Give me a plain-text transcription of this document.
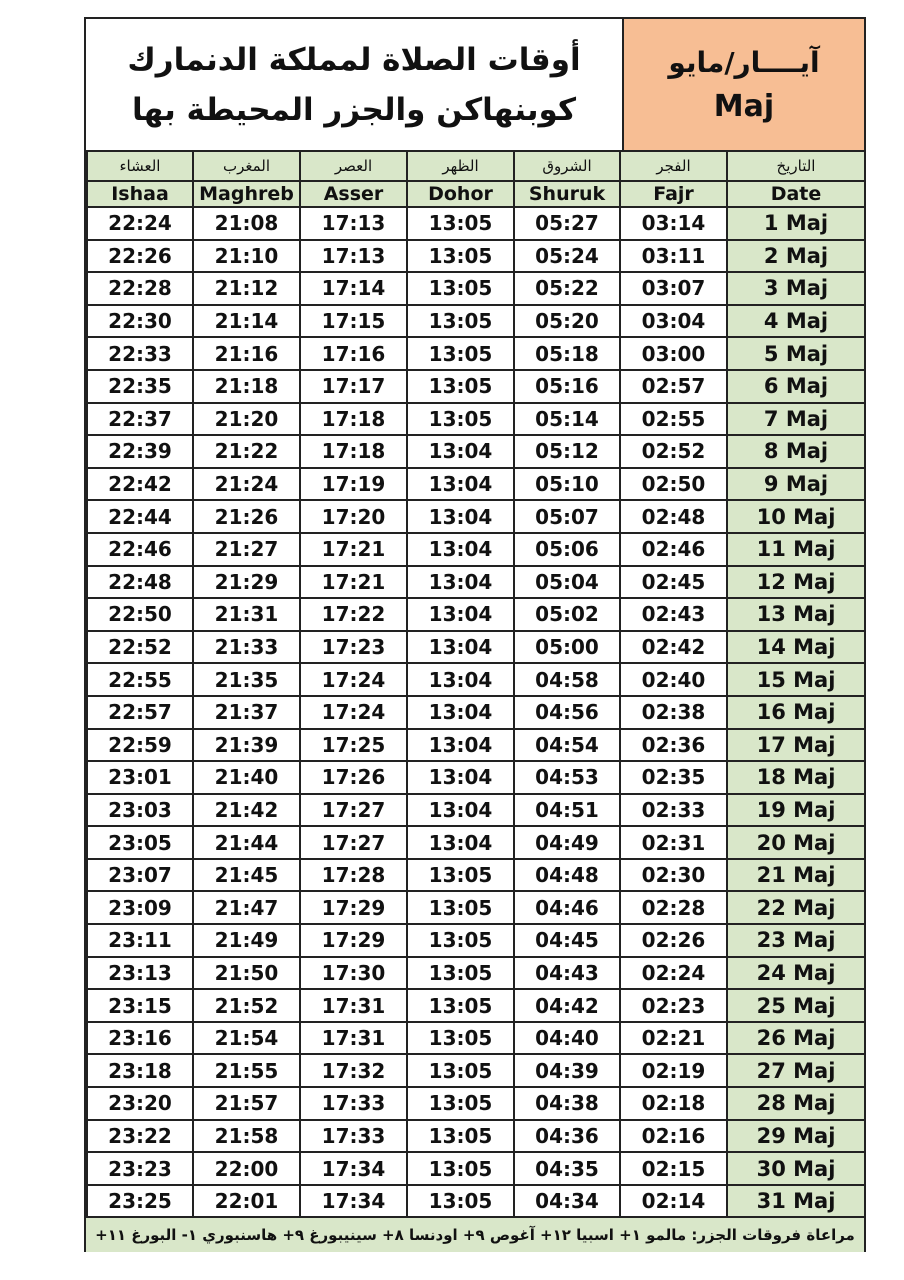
أوقات الصلاة لمملكة الدنمارك
كوبنهاكن والجزر المحيطة بها
آيــــار/مايو
Maj
العشاء	المغرب	العصر	الظهر	الشروق	الفجر	التاريخ
Ishaa	Maghreb	Asser	Dohor	Shuruk	Fajr	Date
22:24	21:08	17:13	13:05	05:27	03:14	1 Maj
22:26	21:10	17:13	13:05	05:24	03:11	2 Maj
22:28	21:12	17:14	13:05	05:22	03:07	3 Maj
22:30	21:14	17:15	13:05	05:20	03:04	4 Maj
22:33	21:16	17:16	13:05	05:18	03:00	5 Maj
22:35	21:18	17:17	13:05	05:16	02:57	6 Maj
22:37	21:20	17:18	13:05	05:14	02:55	7 Maj
22:39	21:22	17:18	13:04	05:12	02:52	8 Maj
22:42	21:24	17:19	13:04	05:10	02:50	9 Maj
22:44	21:26	17:20	13:04	05:07	02:48	10 Maj
22:46	21:27	17:21	13:04	05:06	02:46	11 Maj
22:48	21:29	17:21	13:04	05:04	02:45	12 Maj
22:50	21:31	17:22	13:04	05:02	02:43	13 Maj
22:52	21:33	17:23	13:04	05:00	02:42	14 Maj
22:55	21:35	17:24	13:04	04:58	02:40	15 Maj
22:57	21:37	17:24	13:04	04:56	02:38	16 Maj
22:59	21:39	17:25	13:04	04:54	02:36	17 Maj
23:01	21:40	17:26	13:04	04:53	02:35	18 Maj
23:03	21:42	17:27	13:04	04:51	02:33	19 Maj
23:05	21:44	17:27	13:04	04:49	02:31	20 Maj
23:07	21:45	17:28	13:05	04:48	02:30	21 Maj
23:09	21:47	17:29	13:05	04:46	02:28	22 Maj
23:11	21:49	17:29	13:05	04:45	02:26	23 Maj
23:13	21:50	17:30	13:05	04:43	02:24	24 Maj
23:15	21:52	17:31	13:05	04:42	02:23	25 Maj
23:16	21:54	17:31	13:05	04:40	02:21	26 Maj
23:18	21:55	17:32	13:05	04:39	02:19	27 Maj
23:20	21:57	17:33	13:05	04:38	02:18	28 Maj
23:22	21:58	17:33	13:05	04:36	02:16	29 Maj
23:23	22:00	17:34	13:05	04:35	02:15	30 Maj
23:25	22:01	17:34	13:05	04:34	02:14	31 Maj
مراعاة فروقات الجزر: مالمو ١+ اسبيا ١٢+ آغوص ٩+ اودنسا ٨+ سينيبورغ ٩+ هاسنبوري ١- البورغ ١١+
